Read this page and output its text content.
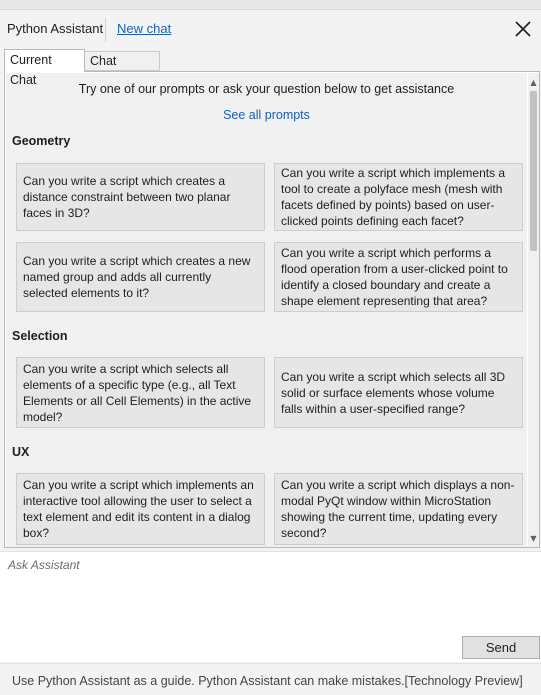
Python Assistant New chat
Current Chat
Chat
Try one of our prompts or ask your question below to get assistance
See all prompts
Geometry
Can you write a script which creates a distance constraint between two planar faces in 3D?
Can you write a script which implements a tool to create a polyface mesh (mesh with facets defined by points) based on user-clicked points defining each facet?
Can you write a script which creates a new named group and adds all currently selected elements to it?
Can you write a script which performs a flood operation from a user-clicked point to identify a closed boundary and create a shape element representing that area?
Selection
Can you write a script which selects all elements of a specific type (e.g., all Text Elements or all Cell Elements) in the active model?
Can you write a script which selects all 3D solid or surface elements whose volume falls within a user-specified range?
UX
Can you write a script which implements an interactive tool allowing the user to select a text element and edit its content in a dialog box?
Can you write a script which displays a non-modal PyQt window within MicroStation showing the current time, updating every second?
▲
▼
Ask Assistant
Send
Use Python Assistant as a guide. Python Assistant can make mistakes.[Technology Preview]
